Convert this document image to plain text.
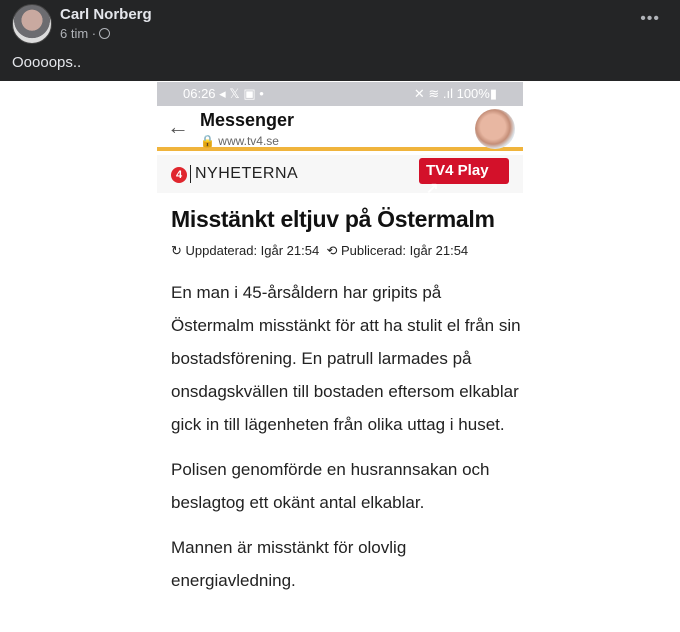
Carl Norberg
6 tim ·
•••
Ooooops..
06:26 ◂ 𝕏 ▣ •	✕ ≋ .ıl 100%▮
← Messenger
🔒 www.tv4.se
4 NYHETERNA	TV4 Play ↗
Misstänkt eltjuv på Östermalm
↻ Uppdaterad: Igår 21:54 ⟲ Publicerad: Igår 21:54

En man i 45-årsåldern har gripits på Östermalm misstänkt för att ha stulit el från sin bostadsförening. En patrull larmades på onsdagskvällen till bostaden eftersom elkablar gick in till lägenheten från olika uttag i huset.

Polisen genomförde en husrannsakan och beslagtog ett okänt antal elkablar.

Mannen är misstänkt för olovlig energiavledning.
